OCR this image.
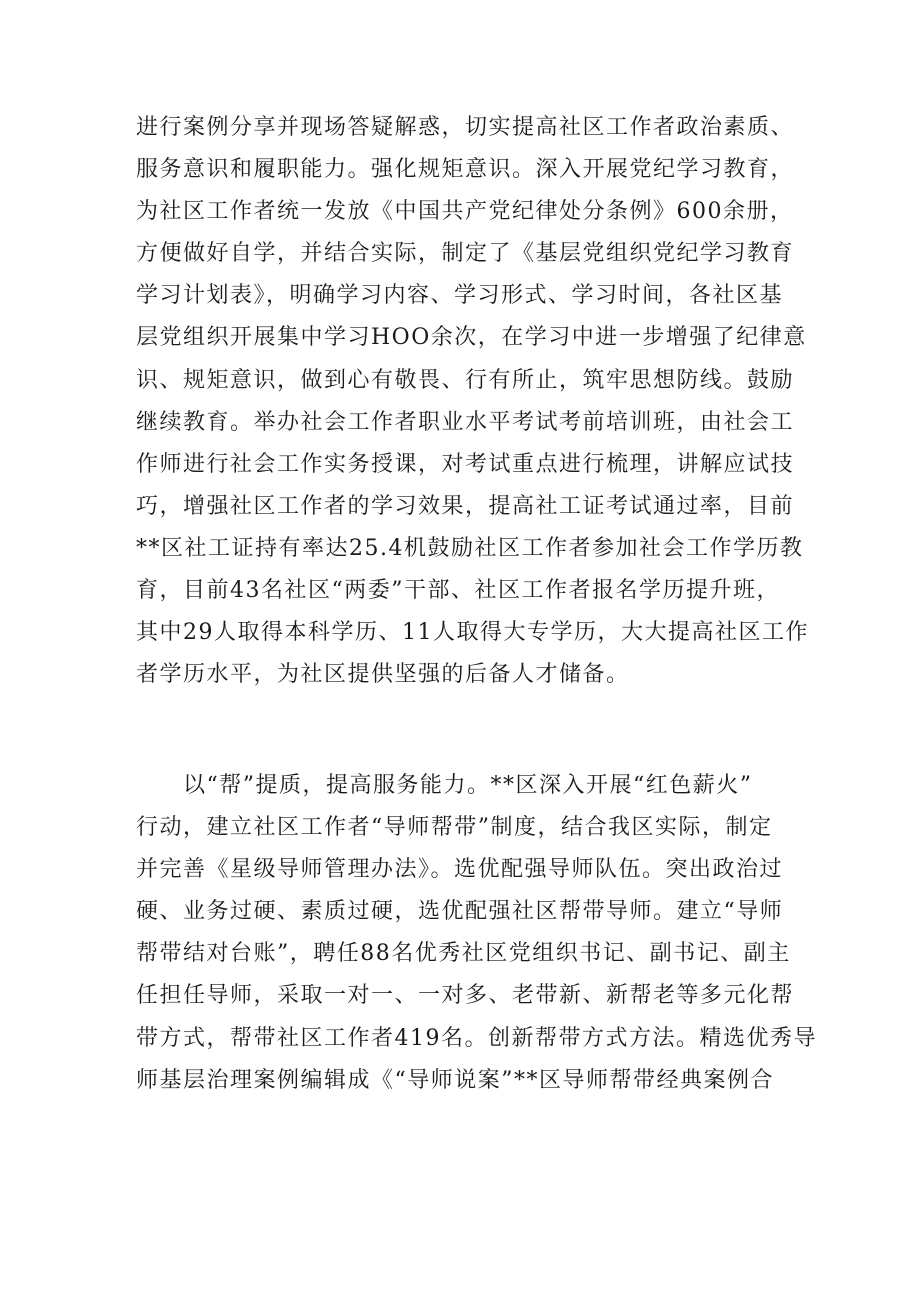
进行案例分享并现场答疑解惑，切实提高社区工作者政治素质、
服务意识和履职能力。强化规矩意识。深入开展党纪学习教育，
为社区工作者统一发放《中国共产党纪律处分条例》600余册，
方便做好自学，并结合实际，制定了《基层党组织党纪学习教育
学习计划表》，明确学习内容、学习形式、学习时间，各社区基
层党组织开展集中学习HOO余次，在学习中进一步增强了纪律意
识、规矩意识，做到心有敬畏、行有所止，筑牢思想防线。鼓励
继续教育。举办社会工作者职业水平考试考前培训班，由社会工
作师进行社会工作实务授课，对考试重点进行梳理，讲解应试技
巧，增强社区工作者的学习效果，提高社工证考试通过率，目前
**区社工证持有率达25.4机鼓励社区工作者参加社会工作学历教
育，目前43名社区“两委”干部、社区工作者报名学历提升班，
其中29人取得本科学历、11人取得大专学历，大大提高社区工作
者学历水平，为社区提供坚强的后备人才储备。
　　以“帮”提质，提高服务能力。**区深入开展“红色薪火”
行动，建立社区工作者“导师帮带”制度，结合我区实际，制定
并完善《星级导师管理办法》。选优配强导师队伍。突出政治过
硬、业务过硬、素质过硬，选优配强社区帮带导师。建立“导师
帮带结对台账”，聘任88名优秀社区党组织书记、副书记、副主
任担任导师，采取一对一、一对多、老带新、新帮老等多元化帮
带方式，帮带社区工作者419名。创新帮带方式方法。精选优秀导
师基层治理案例编辑成《“导师说案”**区导师帮带经典案例合
